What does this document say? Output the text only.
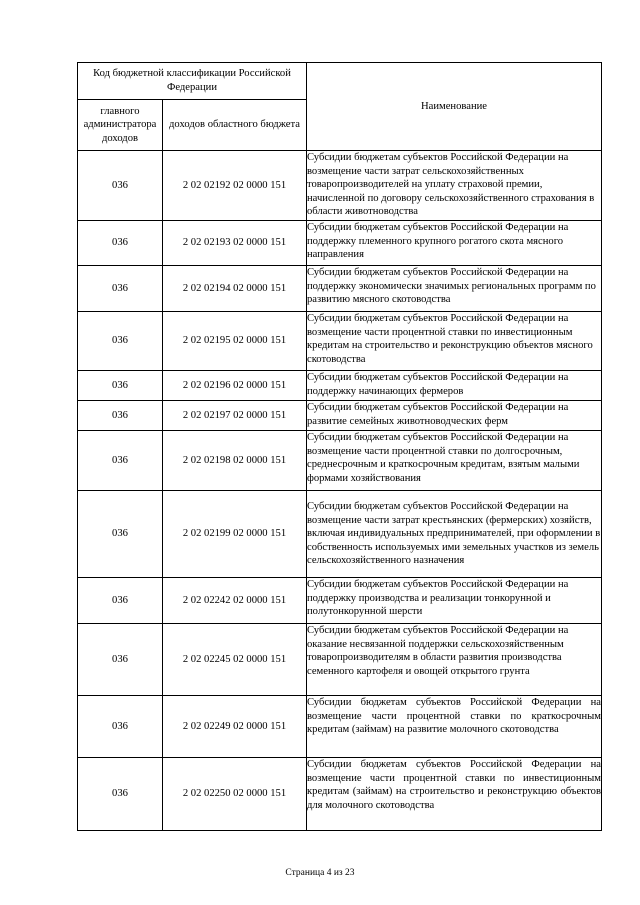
Код бюджетной классификации Российской Федерации		Наименование
главного администратора доходов	доходов областного бюджета	
036	2 02 02192 02 0000 151	Субсидии бюджетам субъектов Российской Федерации на возмещение части затрат сельскохозяйственных товаропроизводителей на уплату страховой премии, начисленной по договору сельскохозяйственного страхования в области животноводства
036	2 02 02193 02 0000 151	Субсидии бюджетам субъектов Российской Федерации на поддержку племенного крупного рогатого скота мясного направления
036	2 02 02194 02 0000 151	Субсидии бюджетам субъектов Российской Федерации на поддержку экономически значимых региональных программ по развитию мясного скотоводства
036	2 02 02195 02 0000 151	Субсидии бюджетам субъектов Российской Федерации на возмещение части процентной ставки по инвестиционным кредитам на строительство и реконструкцию объектов мясного скотоводства
036	2 02 02196 02 0000 151	Субсидии бюджетам субъектов Российской Федерации на поддержку начинающих фермеров
036	2 02 02197 02 0000 151	Субсидии бюджетам субъектов Российской Федерации на развитие семейных животноводческих ферм
036	2 02 02198 02 0000 151	Субсидии бюджетам субъектов Российской Федерации на возмещение части процентной ставки по долгосрочным, среднесрочным и краткосрочным кредитам, взятым малыми формами хозяйствования
036	2 02 02199 02 0000 151	Субсидии бюджетам субъектов Российской Федерации на возмещение части затрат крестьянских (фермерских) хозяйств, включая индивидуальных предпринимателей, при оформлении в собственность используемых ими земельных участков из земель сельскохозяйственного назначения
036	2 02 02242 02 0000 151	Субсидии бюджетам субъектов Российской Федерации на поддержку производства и реализации тонкорунной и полутонкорунной шерсти
036	2 02 02245 02 0000 151	Субсидии бюджетам субъектов Российской Федерации на оказание несвязанной поддержки сельскохозяйственным товаропроизводителям в области развития производства семенного картофеля и овощей открытого грунта
036	2 02 02249 02 0000 151	Субсидии бюджетам субъектов Российской Федерации на возмещение части процентной ставки по краткосрочным кредитам (займам) на развитие молочного скотоводства
036	2 02 02250 02 0000 151	Субсидии бюджетам субъектов Российской Федерации на возмещение части процентной ставки по инвестиционным кредитам (займам) на строительство и реконструкцию объектов для молочного скотоводства
Страница 4 из 23
